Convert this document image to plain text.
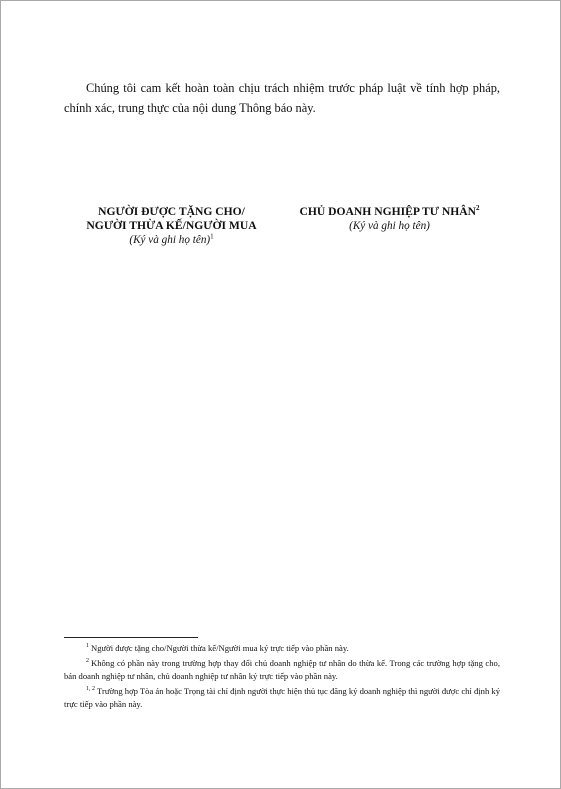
Chúng tôi cam kết hoàn toàn chịu trách nhiệm trước pháp luật về tính hợp pháp, chính xác, trung thực của nội dung Thông báo này.

NGƯỜI ĐƯỢC TẶNG CHO/
NGƯỜI THỪA KẾ/NGƯỜI MUA
(Ký và ghi họ tên)$^1$
CHỦ DOANH NGHIỆP TƯ NHÂN$^2$
(Ký và ghi họ tên)

$^1$ Người được tặng cho/Người thừa kế/Người mua ký trực tiếp vào phần này.

$^2$ Không có phần này trong trường hợp thay đổi chủ doanh nghiệp tư nhân do thừa kế. Trong các trường hợp tặng cho, bán doanh nghiệp tư nhân, chủ doanh nghiệp tư nhân ký trực tiếp vào phần này.

$^{1, 2}$ Trường hợp Tòa án hoặc Trọng tài chỉ định người thực hiện thủ tục đăng ký doanh nghiệp thì người được chỉ định ký trực tiếp vào phần này.
